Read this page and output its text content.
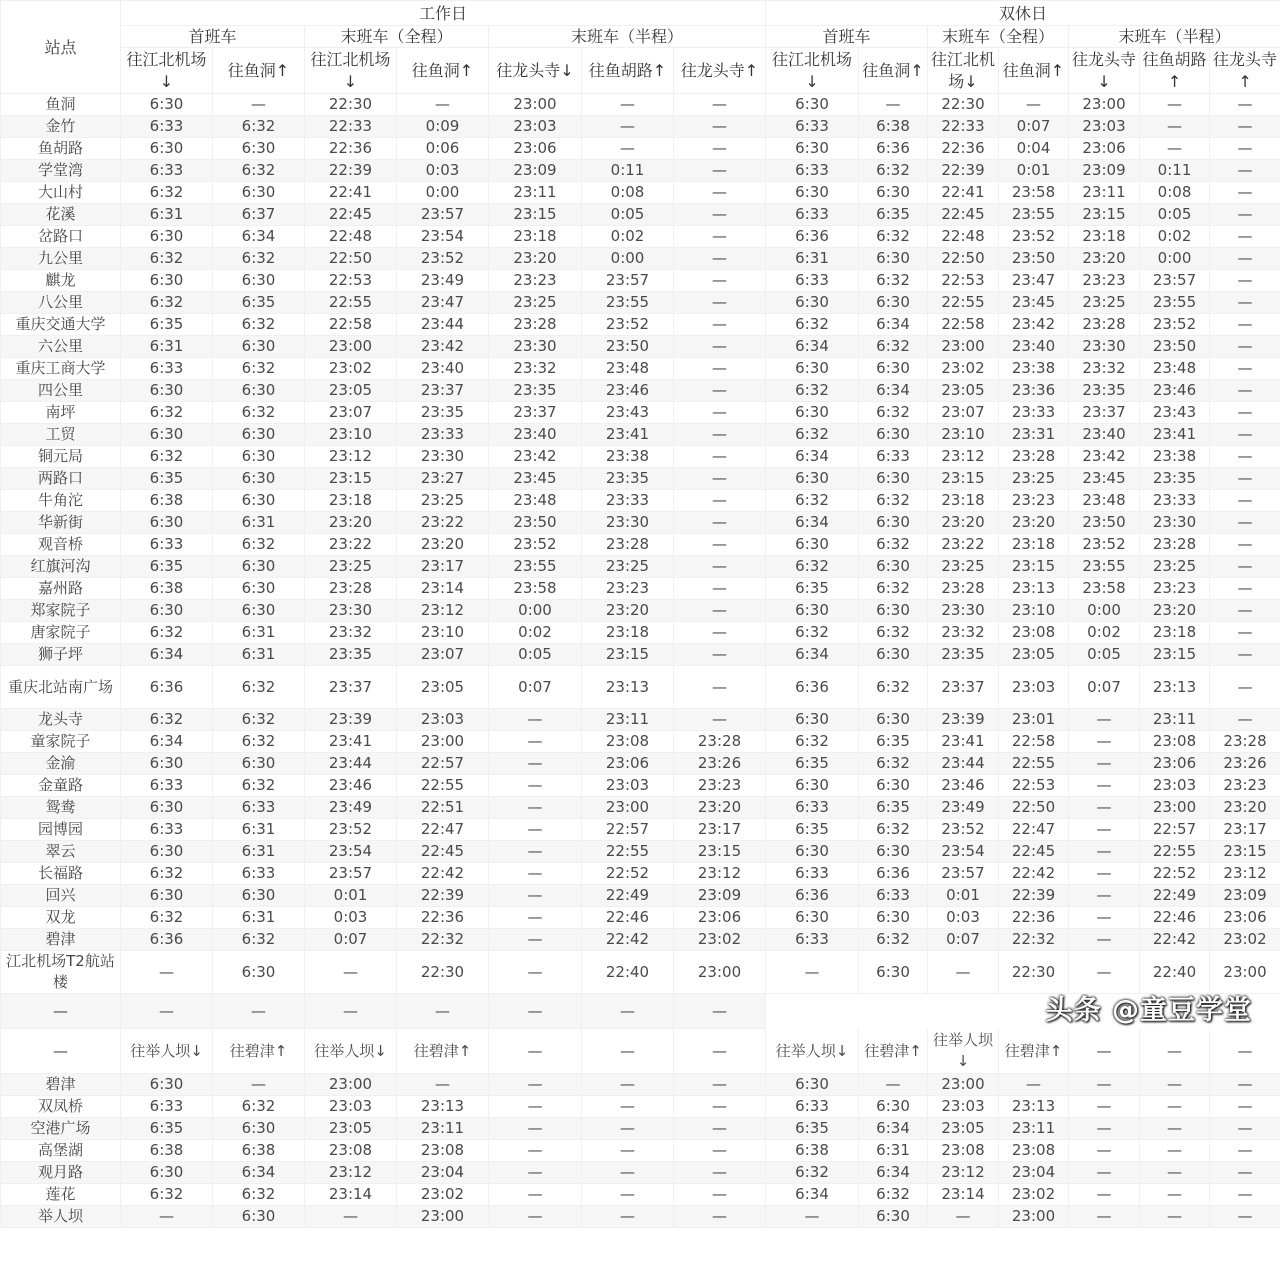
站点	工作日							双休日						
	首班车		末班车（全程）		末班车（半程）			首班车		末班车（全程）		末班车（半程）		
	往江北机场↓	往鱼洞↑	往江北机场↓	往鱼洞↑	往龙头寺↓	往鱼胡路↑	往龙头寺↑	往江北机场↓	往鱼洞↑	往江北机场↓	往鱼洞↑	往龙头寺↓	往鱼胡路↑	往龙头寺↑
鱼洞	6:30	—	22:30	—	23:00	—	—	6:30	—	22:30	—	23:00	—	—
金竹	6:33	6:32	22:33	0:09	23:03	—	—	6:33	6:38	22:33	0:07	23:03	—	—
鱼胡路	6:30	6:30	22:36	0:06	23:06	—	—	6:30	6:36	22:36	0:04	23:06	—	—
学堂湾	6:33	6:32	22:39	0:03	23:09	0:11	—	6:33	6:32	22:39	0:01	23:09	0:11	—
大山村	6:32	6:30	22:41	0:00	23:11	0:08	—	6:30	6:30	22:41	23:58	23:11	0:08	—
花溪	6:31	6:37	22:45	23:57	23:15	0:05	—	6:33	6:35	22:45	23:55	23:15	0:05	—
岔路口	6:30	6:34	22:48	23:54	23:18	0:02	—	6:36	6:32	22:48	23:52	23:18	0:02	—
九公里	6:32	6:32	22:50	23:52	23:20	0:00	—	6:31	6:30	22:50	23:50	23:20	0:00	—
麒龙	6:30	6:30	22:53	23:49	23:23	23:57	—	6:33	6:32	22:53	23:47	23:23	23:57	—
八公里	6:32	6:35	22:55	23:47	23:25	23:55	—	6:30	6:30	22:55	23:45	23:25	23:55	—
重庆交通大学	6:35	6:32	22:58	23:44	23:28	23:52	—	6:32	6:34	22:58	23:42	23:28	23:52	—
六公里	6:31	6:30	23:00	23:42	23:30	23:50	—	6:34	6:32	23:00	23:40	23:30	23:50	—
重庆工商大学	6:33	6:32	23:02	23:40	23:32	23:48	—	6:30	6:30	23:02	23:38	23:32	23:48	—
四公里	6:30	6:30	23:05	23:37	23:35	23:46	—	6:32	6:34	23:05	23:36	23:35	23:46	—
南坪	6:32	6:32	23:07	23:35	23:37	23:43	—	6:30	6:32	23:07	23:33	23:37	23:43	—
工贸	6:30	6:30	23:10	23:33	23:40	23:41	—	6:32	6:30	23:10	23:31	23:40	23:41	—
铜元局	6:32	6:30	23:12	23:30	23:42	23:38	—	6:34	6:33	23:12	23:28	23:42	23:38	—
两路口	6:35	6:30	23:15	23:27	23:45	23:35	—	6:30	6:30	23:15	23:25	23:45	23:35	—
牛角沱	6:38	6:30	23:18	23:25	23:48	23:33	—	6:32	6:32	23:18	23:23	23:48	23:33	—
华新街	6:30	6:31	23:20	23:22	23:50	23:30	—	6:34	6:30	23:20	23:20	23:50	23:30	—
观音桥	6:33	6:32	23:22	23:20	23:52	23:28	—	6:30	6:32	23:22	23:18	23:52	23:28	—
红旗河沟	6:35	6:30	23:25	23:17	23:55	23:25	—	6:32	6:30	23:25	23:15	23:55	23:25	—
嘉州路	6:38	6:30	23:28	23:14	23:58	23:23	—	6:35	6:32	23:28	23:13	23:58	23:23	—
郑家院子	6:30	6:30	23:30	23:12	0:00	23:20	—	6:30	6:30	23:30	23:10	0:00	23:20	—
唐家院子	6:32	6:31	23:32	23:10	0:02	23:18	—	6:32	6:32	23:32	23:08	0:02	23:18	—
狮子坪	6:34	6:31	23:35	23:07	0:05	23:15	—	6:34	6:30	23:35	23:05	0:05	23:15	—
重庆北站南广场	6:36	6:32	23:37	23:05	0:07	23:13	—	6:36	6:32	23:37	23:03	0:07	23:13	—
龙头寺	6:32	6:32	23:39	23:03	—	23:11	—	6:30	6:30	23:39	23:01	—	23:11	—
童家院子	6:34	6:32	23:41	23:00	—	23:08	23:28	6:32	6:35	23:41	22:58	—	23:08	23:28
金渝	6:30	6:30	23:44	22:57	—	23:06	23:26	6:35	6:32	23:44	22:55	—	23:06	23:26
金童路	6:33	6:32	23:46	22:55	—	23:03	23:23	6:30	6:30	23:46	22:53	—	23:03	23:23
鸳鸯	6:30	6:33	23:49	22:51	—	23:00	23:20	6:33	6:35	23:49	22:50	—	23:00	23:20
园博园	6:33	6:31	23:52	22:47	—	22:57	23:17	6:35	6:32	23:52	22:47	—	22:57	23:17
翠云	6:30	6:31	23:54	22:45	—	22:55	23:15	6:30	6:30	23:54	22:45	—	22:55	23:15
长福路	6:32	6:33	23:57	22:42	—	22:52	23:12	6:33	6:36	23:57	22:42	—	22:52	23:12
回兴	6:30	6:30	0:01	22:39	—	22:49	23:09	6:36	6:33	0:01	22:39	—	22:49	23:09
双龙	6:32	6:31	0:03	22:36	—	22:46	23:06	6:30	6:30	0:03	22:36	—	22:46	23:06
碧津	6:36	6:32	0:07	22:32	—	22:42	23:02	6:33	6:32	0:07	22:32	—	22:42	23:02
江北机场T2航站楼	—	6:30	—	22:30	—	22:40	23:00	—	6:30	—	22:30	—	22:40	23:00
—	—	—	—	—	—	—	—	头条 @童豆学堂						
—	往举人坝↓	往碧津↑	往举人坝↓	往碧津↑	—	—	—	往举人坝↓	往碧津↑	往举人坝↓	往碧津↑	—	—	—
碧津	6:30	—	23:00	—	—	—	—	6:30	—	23:00	—	—	—	—
双凤桥	6:33	6:32	23:03	23:13	—	—	—	6:33	6:30	23:03	23:13	—	—	—
空港广场	6:35	6:30	23:05	23:11	—	—	—	6:35	6:34	23:05	23:11	—	—	—
高堡湖	6:38	6:38	23:08	23:08	—	—	—	6:38	6:31	23:08	23:08	—	—	—
观月路	6:30	6:34	23:12	23:04	—	—	—	6:32	6:34	23:12	23:04	—	—	—
莲花	6:32	6:32	23:14	23:02	—	—	—	6:34	6:32	23:14	23:02	—	—	—
举人坝	—	6:30	—	23:00	—	—	—	—	6:30	—	23:00	—	—	—
